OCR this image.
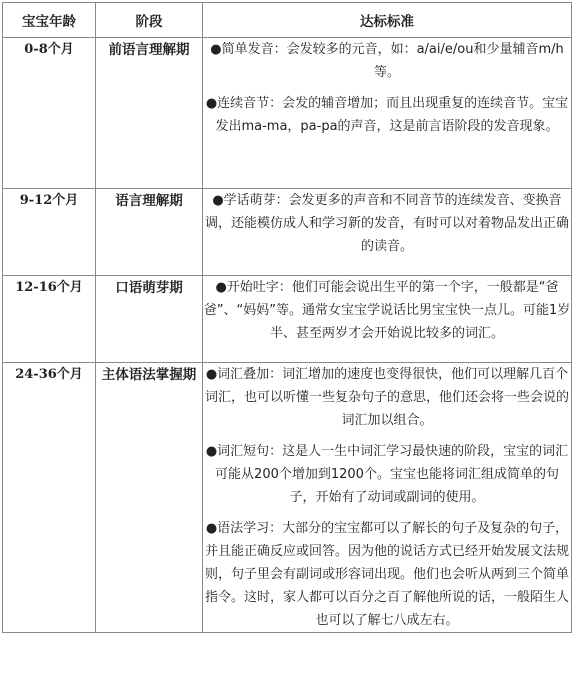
宝宝年龄	阶段	达标标准
0-8个月	前语言理解期	●简单发音：会发较多的元音，如：a/ai/e/ou和少量辅音m/h 等。

●连续音节：会发的辅音增加；而且出现重复的连续音节。宝宝发出ma-ma，pa-pa的声音，这是前言语阶段的发音现象。

9-12个月	语言理解期	●学话萌芽：会发更多的声音和不同音节的连续发音、变换音调，还能模仿成人和学习新的发音，有时可以对着物品发出正确的读音。

12-16个月	口语萌芽期	●开始吐字：他们可能会说出生平的第一个字，一般都是“爸爸”、“妈妈”等。通常女宝宝学说话比男宝宝快一点儿。可能1岁半、甚至两岁才会开始说比较多的词汇。

24-36个月	主体语法掌握期	●词汇叠加：词汇增加的速度也变得很快，他们可以理解几百个词汇，也可以听懂一些复杂句子的意思，他们还会将一些会说的词汇加以组合。

●词汇短句：这是人一生中词汇学习最快速的阶段，宝宝的词汇可能从200个增加到1200个。宝宝也能将词汇组成简单的句子，开始有了动词或副词的使用。

●语法学习：大部分的宝宝都可以了解长的句子及复杂的句子，并且能正确反应或回答。因为他的说话方式已经开始发展文法规则，句子里会有副词或形容词出现。他们也会听从两到三个简单指令。这时，家人都可以百分之百了解他所说的话，一般陌生人也可以了解七八成左右。
